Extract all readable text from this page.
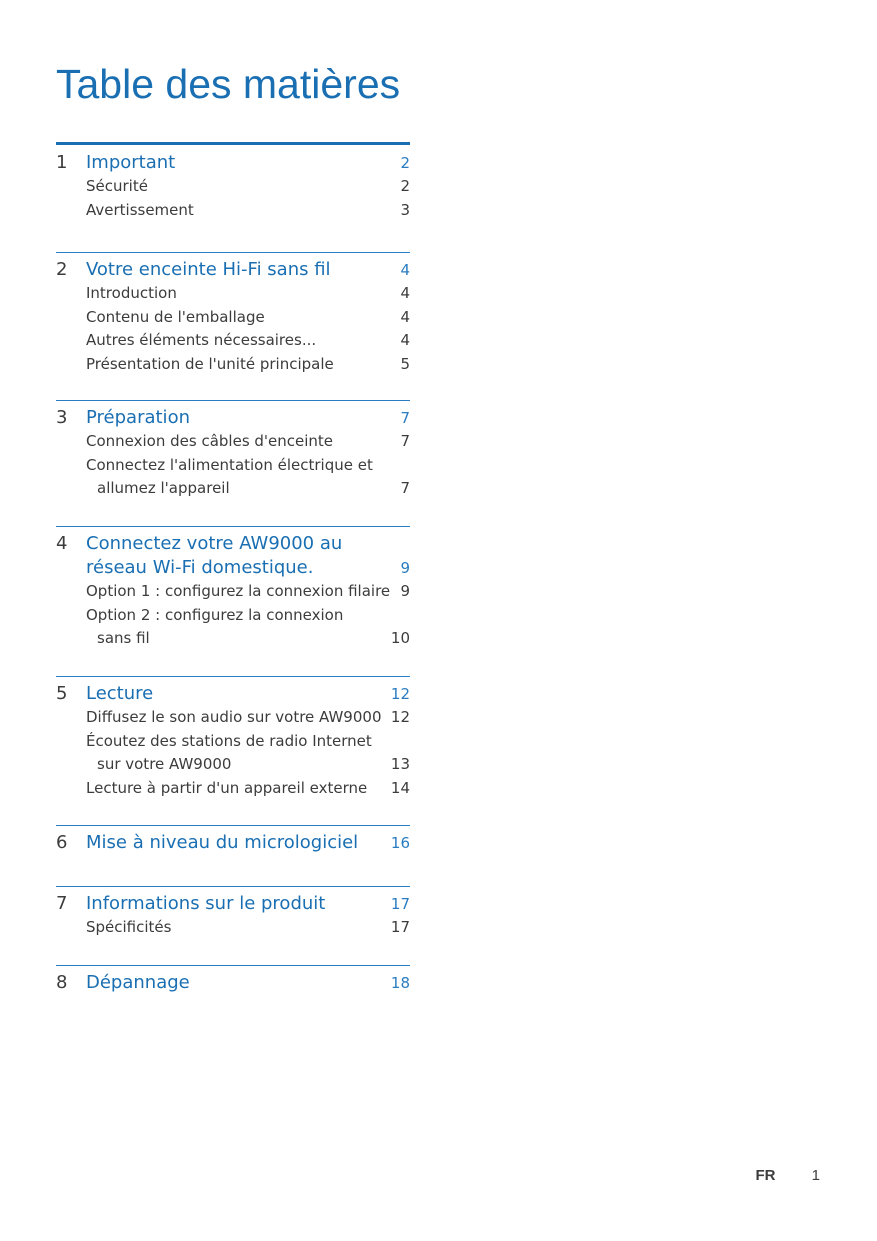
Table des matières
1	Important	2
Sécurité	2
Avertissement	3
2	Votre enceinte Hi-Fi sans fil	4
Introduction	4
Contenu de l'emballage	4
Autres éléments nécessaires...	4
Présentation de l'unité principale	5
3	Préparation	7
Connexion des câbles d'enceinte	7
Connectez l'alimentation électrique et
allumez l'appareil	7
4	Connectez votre AW9000 au
réseau Wi-Fi domestique.	9
Option 1 : configurez la connexion filaire 9
Option 2 : configurez la connexion
sans fil	10
5	Lecture	12
Diffusez le son audio sur votre AW9000 12
Écoutez des stations de radio Internet
sur votre AW9000	13
Lecture à partir d'un appareil externe	14
6	Mise à niveau du micrologiciel	16
7	Informations sur le produit	17
Spécificités	17
8	Dépannage	18
FR 1
